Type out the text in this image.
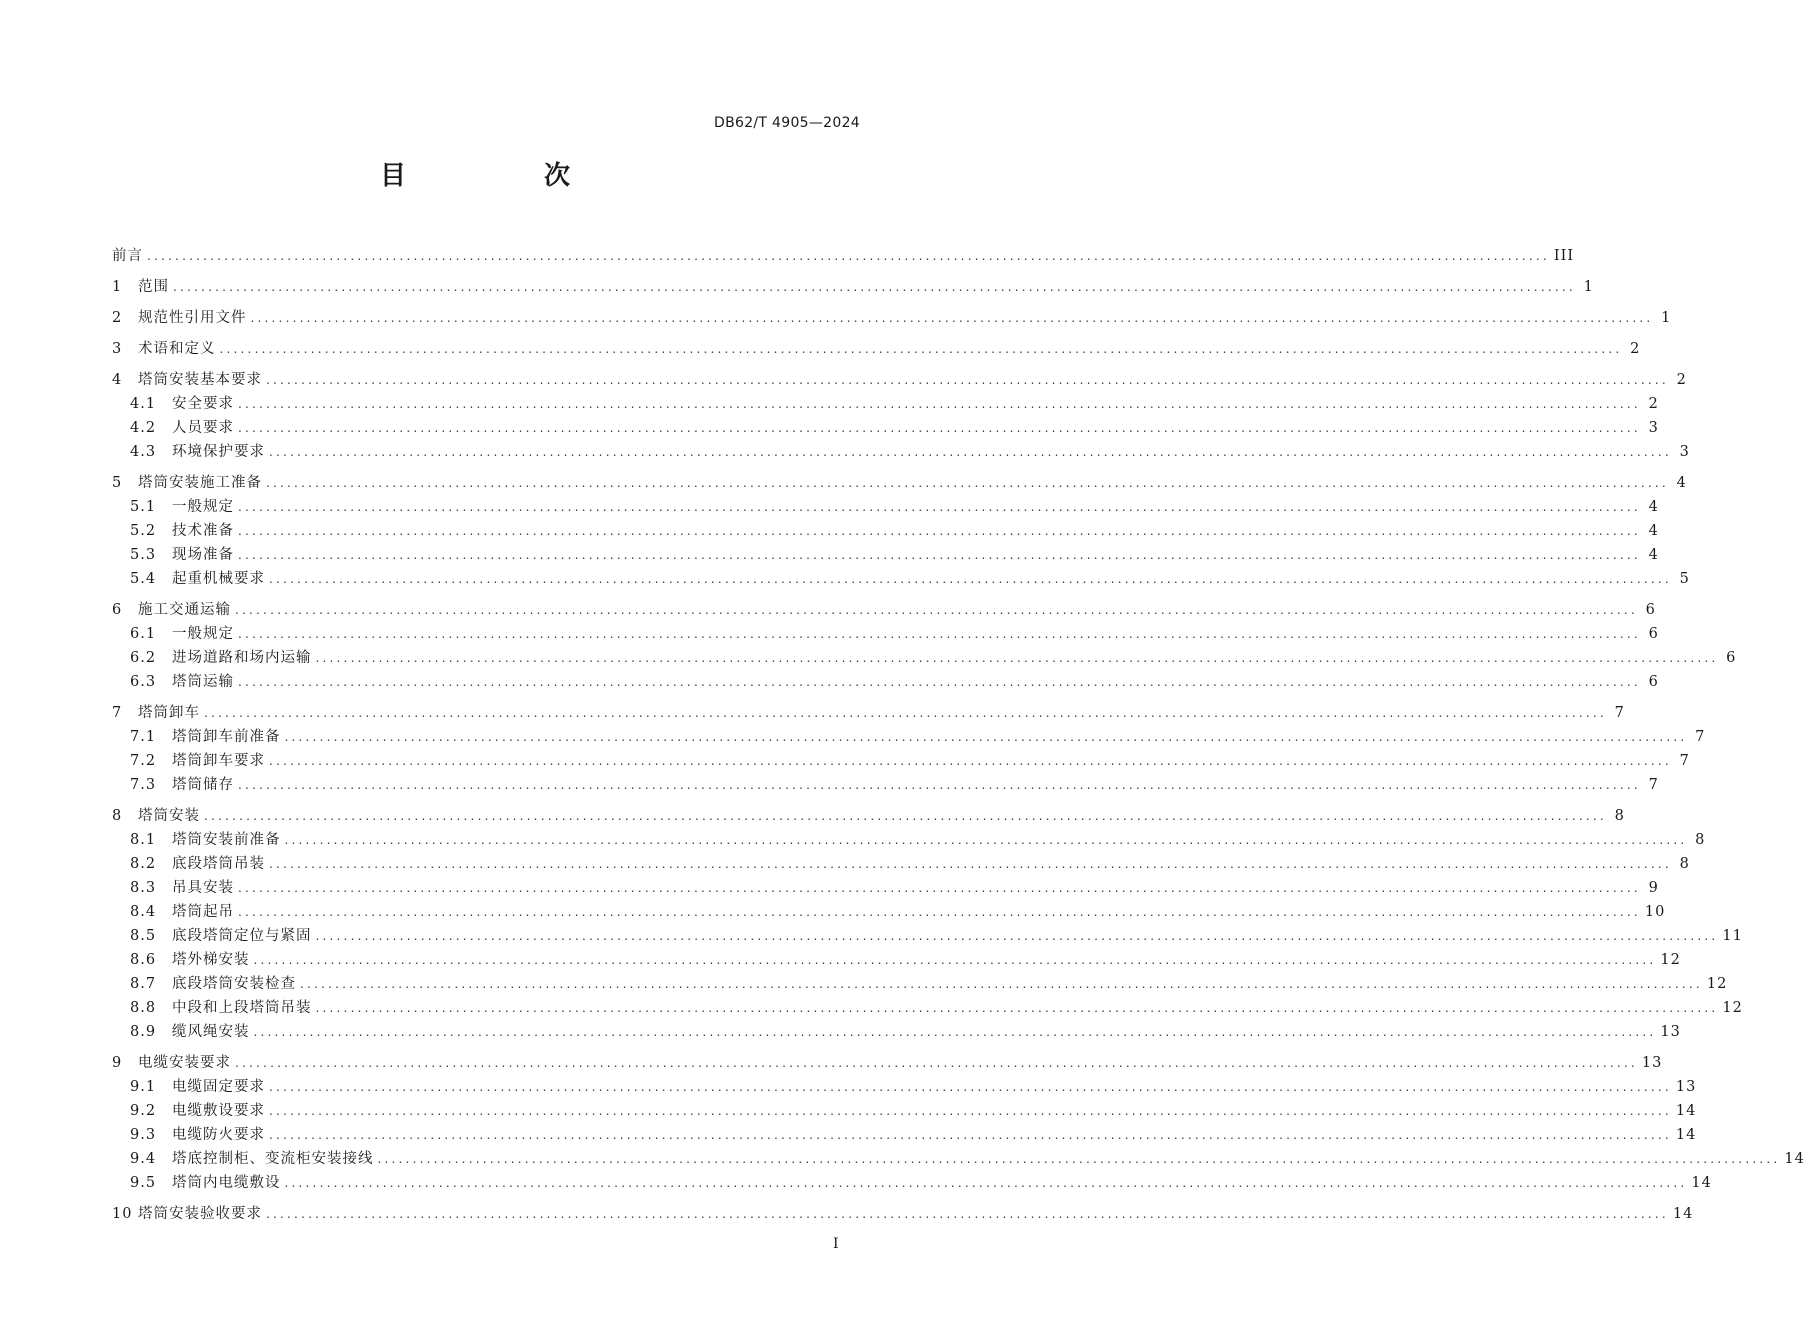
DB62/T 4905—2024
目　次
前言 ........................................................................................................................................................................................................ III
1	范围 ........................................................................................................................................................................................................ 1
2	规范性引用文件 ........................................................................................................................................................................................................ 1
3	术语和定义 ........................................................................................................................................................................................................ 2
4	塔筒安装基本要求 ........................................................................................................................................................................................................ 2
4.1	安全要求 ........................................................................................................................................................................................................ 2
4.2	人员要求 ........................................................................................................................................................................................................ 3
4.3	环境保护要求 ........................................................................................................................................................................................................ 3
5	塔筒安装施工准备 ........................................................................................................................................................................................................ 4
5.1	一般规定 ........................................................................................................................................................................................................ 4
5.2	技术准备 ........................................................................................................................................................................................................ 4
5.3	现场准备 ........................................................................................................................................................................................................ 4
5.4	起重机械要求 ........................................................................................................................................................................................................ 5
6	施工交通运输 ........................................................................................................................................................................................................ 6
6.1	一般规定 ........................................................................................................................................................................................................ 6
6.2	进场道路和场内运输 ........................................................................................................................................................................................................ 6
6.3	塔筒运输 ........................................................................................................................................................................................................ 6
7	塔筒卸车 ........................................................................................................................................................................................................ 7
7.1	塔筒卸车前准备 ........................................................................................................................................................................................................ 7
7.2	塔筒卸车要求 ........................................................................................................................................................................................................ 7
7.3	塔筒储存 ........................................................................................................................................................................................................ 7
8	塔筒安装 ........................................................................................................................................................................................................ 8
8.1	塔筒安装前准备 ........................................................................................................................................................................................................ 8
8.2	底段塔筒吊装 ........................................................................................................................................................................................................ 8
8.3	吊具安装 ........................................................................................................................................................................................................ 9
8.4	塔筒起吊 ........................................................................................................................................................................................................ 10
8.5	底段塔筒定位与紧固 ........................................................................................................................................................................................................ 11
8.6	塔外梯安装 ........................................................................................................................................................................................................ 12
8.7	底段塔筒安装检查 ........................................................................................................................................................................................................ 12
8.8	中段和上段塔筒吊装 ........................................................................................................................................................................................................ 12
8.9	缆风绳安装 ........................................................................................................................................................................................................ 13
9	电缆安装要求 ........................................................................................................................................................................................................ 13
9.1	电缆固定要求 ........................................................................................................................................................................................................ 13
9.2	电缆敷设要求 ........................................................................................................................................................................................................ 14
9.3	电缆防火要求 ........................................................................................................................................................................................................ 14
9.4	塔底控制柜、变流柜安装接线 ........................................................................................................................................................................................................ 14
9.5	塔筒内电缆敷设 ........................................................................................................................................................................................................ 14
10 塔筒安装验收要求 ........................................................................................................................................................................................................ 14
I
